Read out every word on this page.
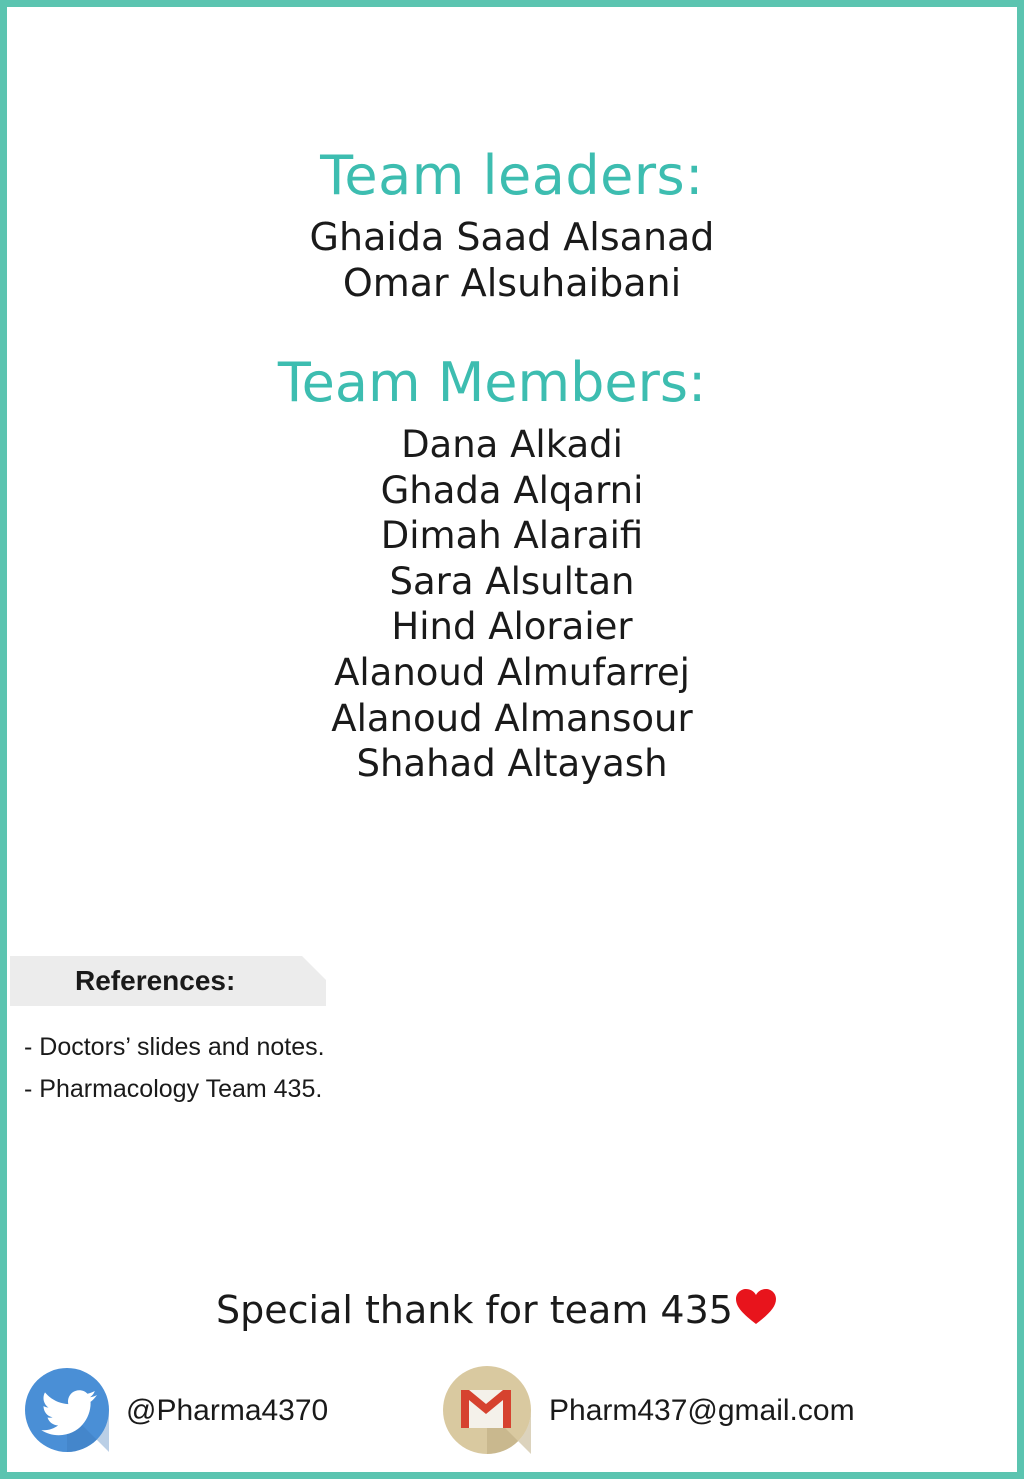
Team leaders:
Ghaida Saad Alsanad
Omar Alsuhaibani
Team Members:
Dana Alkadi
Ghada Alqarni
Dimah Alaraifi
Sara Alsultan
Hind Aloraier
Alanoud Almufarrej
Alanoud Almansour
Shahad Altayash
References:
- Doctors’ slides and notes.
- Pharmacology Team 435.
Special thank for team 435
@Pharma4370	Pharm437@gmail.com
